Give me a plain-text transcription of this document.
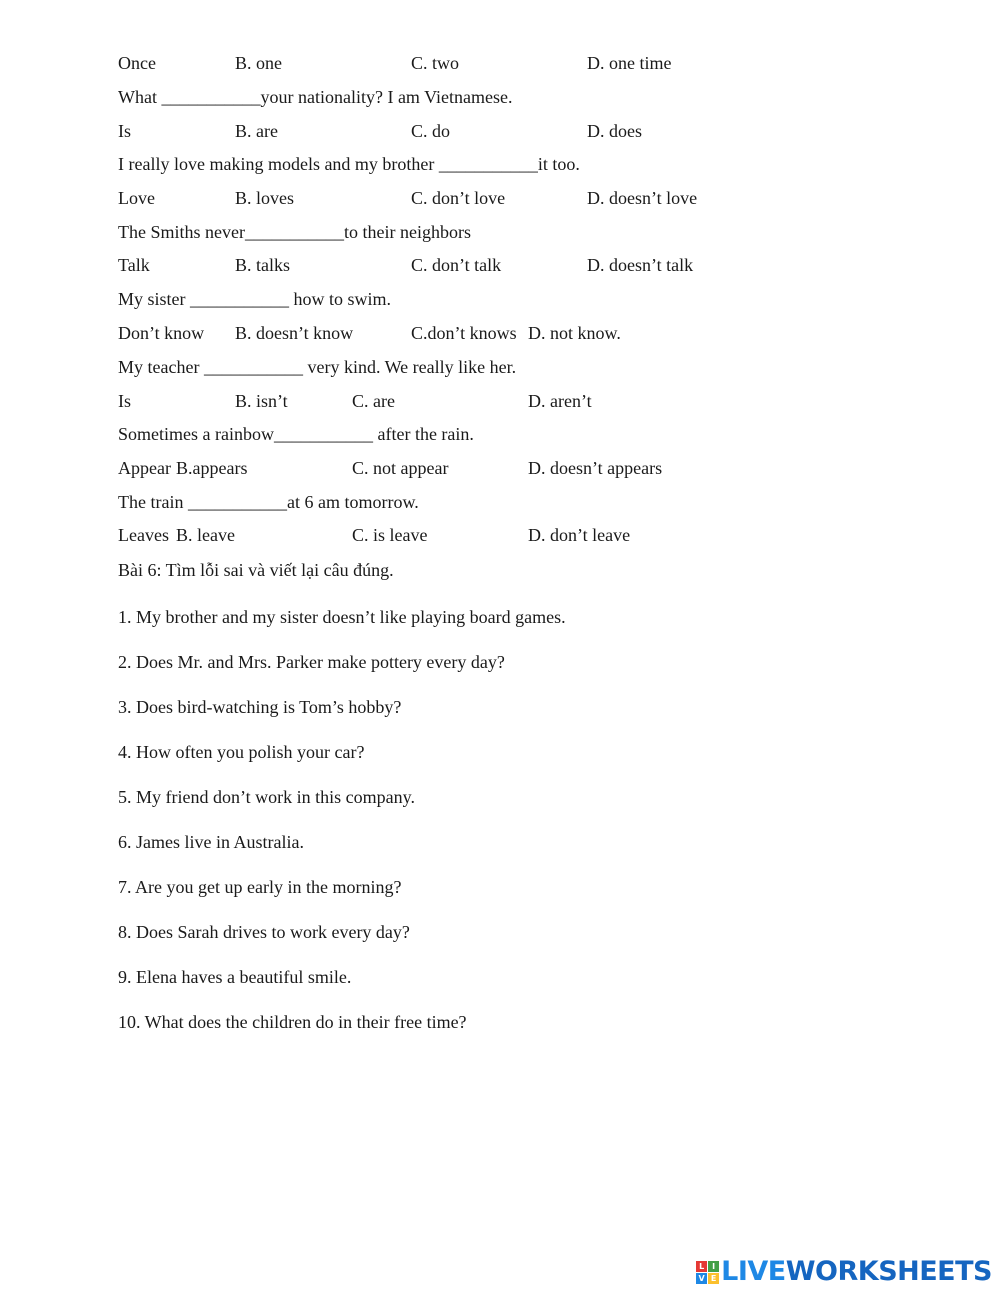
Once	B. one	C. two	D. one time
What ___________your nationality? I am Vietnamese.
Is	B. are	C. do	D. does
I really love making models and my brother ___________it too.
Love	B. loves	C. don’t love	D. doesn’t love
The Smiths never___________to their neighbors
Talk	B. talks	C. don’t talk	D. doesn’t talk
My sister ___________ how to swim.
Don’t know B. doesn’t know	C.don’t knows D. not know.
My teacher ___________ very kind. We really like her.
Is	B. isn’t	C. are	D. aren’t
Sometimes a rainbow___________ after the rain.
Appear B.appears	C. not appear	D. doesn’t appears
The train ___________at 6 am tomorrow.
Leaves B. leave	C. is leave	D. don’t leave
Bài 6: Tìm lỗi sai và viết lại câu đúng.
1. My brother and my sister doesn’t like playing board games.
2. Does Mr. and Mrs. Parker make pottery every day?
3. Does bird-watching is Tom’s hobby?
4. How often you polish your car?
5. My friend don’t work in this company.
6. James live in Australia.
7. Are you get up early in the morning?
8. Does Sarah drives to work every day?
9. Elena haves a beautiful smile.
10. What does the children do in their free time?
L I
V E LIVE WORKSHEETS
